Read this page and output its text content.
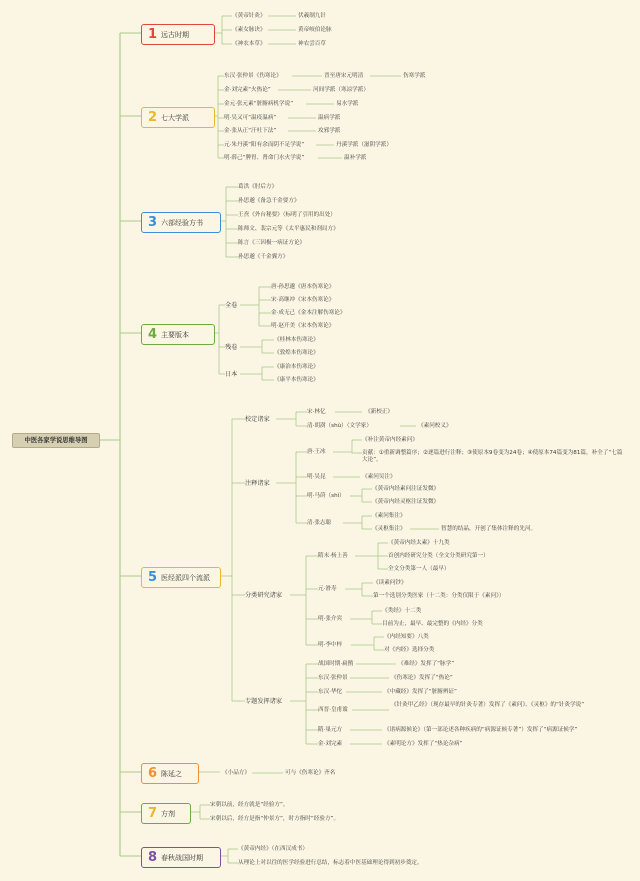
中医各家学说思维导图
1 远古时期
《黄帝针灸》	伏羲制九针
《素女脉诀》	黄帝岐伯论脉
《神农本草》	神农尝百草
2 七大学派
东汉·张仲景《伤寒论》	晋至唐宋元明清	伤寒学派
金·刘完素“火热论”	河间学派（寒凉学派）
金元·张元素“脏腑病机学说”	易水学派
明·吴又可“温疫温病”	温病学派
金·张从正“汗吐下法”	攻邪学派
元·朱丹溪“阳有余而阴不足学说”	丹溪学派（滋阴学派）
明·薛己“脾胃、肾命门水火学说”	温补学派
3 六部经验方书
葛洪《肘后方》
孙思邈《备急千金要方》
王焘《外台秘要》（标明了引用的出处）
陈师文、裴宗元等《太平惠民和剂局方》
陈言《三因极一病证方论》
孙思邈《千金翼方》
4 主要版本
全卷
唐·孙思邈《唐本伤寒论》
宋·高继冲《宋本伤寒论》
金·成无己《金本注解伤寒论》
明·赵开美《宋本伤寒论》
残卷
《桂林本伤寒论》
《敦煌本伤寒论》
日本
《康治本伤寒论》
《康平本伤寒论》
5 医经派四个流派
校定诸家
宋·林亿	《新校正》
清·胡澍（shù）（文学家）	《素问校义》
注释诸家
唐·王冰
《补注黄帝内经素问》
贡献：①重新调整篇序；②逐篇进行注释；③使原本9卷变为24卷；④使原本74篇变为81篇，补全了“七篇大论”。
明·吴昆	《素问吴注》
明·马莳（shì）
《黄帝内经素问注证发微》
《黄帝内经灵枢注证发微》
清·张志聪
《素问集注》
《灵枢集注》	智慧的结晶，开创了集体注释的先河。
分类研究诸家
隋末·杨上善
《黄帝内经太素》十九类
首创内经研究分类（全文分类研究第一）
全文分类第一人（最早）
元·滑寿
《读素问钞》
第一个选别分类医家（十二类：分类仅限于《素问》）
明·张介宾
《类经》十二类
目前为止，最早、最完整的《内经》分类
明·李中梓
《内经知要》八类
对《内经》选择分类
专题发挥诸家
战国时期·扁鹊	《难经》发挥了“脉学”
东汉·张仲景	《伤寒论》发挥了“热论”
东汉·华佗	《中藏经》发挥了“脏腑辨证”
西晋·皇甫谧
《针灸甲乙经》（现存最早的针灸专著）发挥了《素问》、《灵枢》的“针灸学说”
隋·巢元方	《诸病源候论》（第一部论述各种疾病的“病源证候专著”）发挥了“病源证候学”
金·刘完素	《素明论方》发挥了“热论杂病”
6 陈延之	《小品方》	可与《伤寒论》齐名
7 方剂
宋朝以前，经方就是“经验方”。
宋朝以后，经方是指“仲景方”，时方指时“经验方”。
8 春秋战国时期
《黄帝内经》（在西汉成书）
从理论上对以往的医学经验进行总结，标志着中医基础理论得到初步奠定。
